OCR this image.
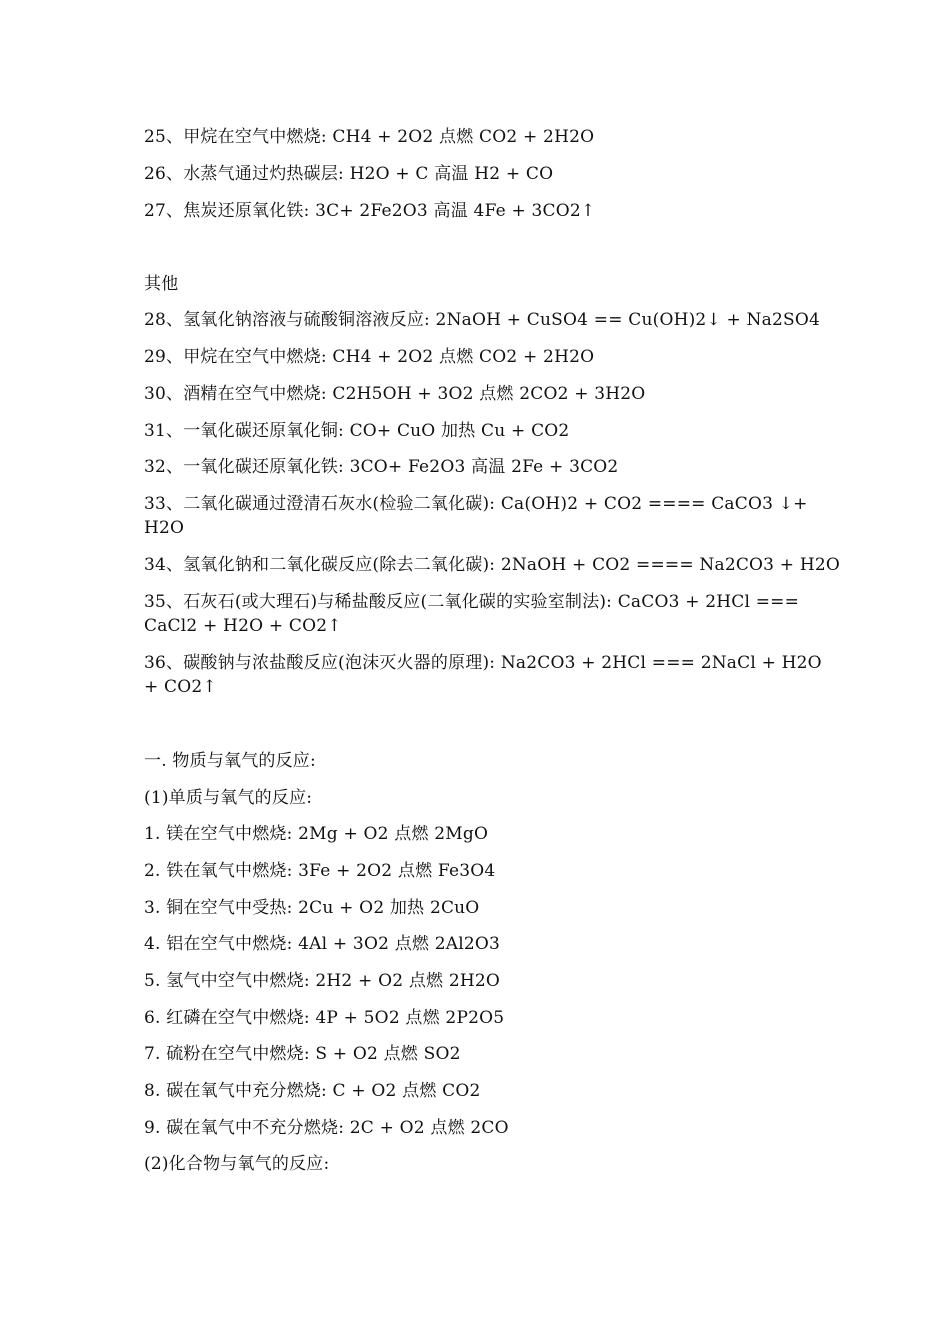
25、甲烷在空气中燃烧: CH4 + 2O2 点燃 CO2 + 2H2O
26、水蒸气通过灼热碳层: H2O + C 高温 H2 + CO
27、焦炭还原氧化铁: 3C+ 2Fe2O3 高温 4Fe + 3CO2↑
其他
28、氢氧化钠溶液与硫酸铜溶液反应: 2NaOH + CuSO4 == Cu(OH)2↓ + Na2SO4
29、甲烷在空气中燃烧: CH4 + 2O2 点燃 CO2 + 2H2O
30、酒精在空气中燃烧: C2H5OH + 3O2 点燃 2CO2 + 3H2O
31、一氧化碳还原氧化铜: CO+ CuO 加热 Cu + CO2
32、一氧化碳还原氧化铁: 3CO+ Fe2O3 高温 2Fe + 3CO2
33、二氧化碳通过澄清石灰水(检验二氧化碳): Ca(OH)2 + CO2 ==== CaCO3 ↓+
H2O
34、氢氧化钠和二氧化碳反应(除去二氧化碳): 2NaOH + CO2 ==== Na2CO3 + H2O
35、石灰石(或大理石)与稀盐酸反应(二氧化碳的实验室制法): CaCO3 + 2HCl ===
CaCl2 + H2O + CO2↑
36、碳酸钠与浓盐酸反应(泡沫灭火器的原理): Na2CO3 + 2HCl === 2NaCl + H2O
+ CO2↑
一. 物质与氧气的反应:
(1)单质与氧气的反应:
1. 镁在空气中燃烧: 2Mg + O2 点燃 2MgO
2. 铁在氧气中燃烧: 3Fe + 2O2 点燃 Fe3O4
3. 铜在空气中受热: 2Cu + O2 加热 2CuO
4. 铝在空气中燃烧: 4Al + 3O2 点燃 2Al2O3
5. 氢气中空气中燃烧: 2H2 + O2 点燃 2H2O
6. 红磷在空气中燃烧: 4P + 5O2 点燃 2P2O5
7. 硫粉在空气中燃烧: S + O2 点燃 SO2
8. 碳在氧气中充分燃烧: C + O2 点燃 CO2
9. 碳在氧气中不充分燃烧: 2C + O2 点燃 2CO
(2)化合物与氧气的反应:
